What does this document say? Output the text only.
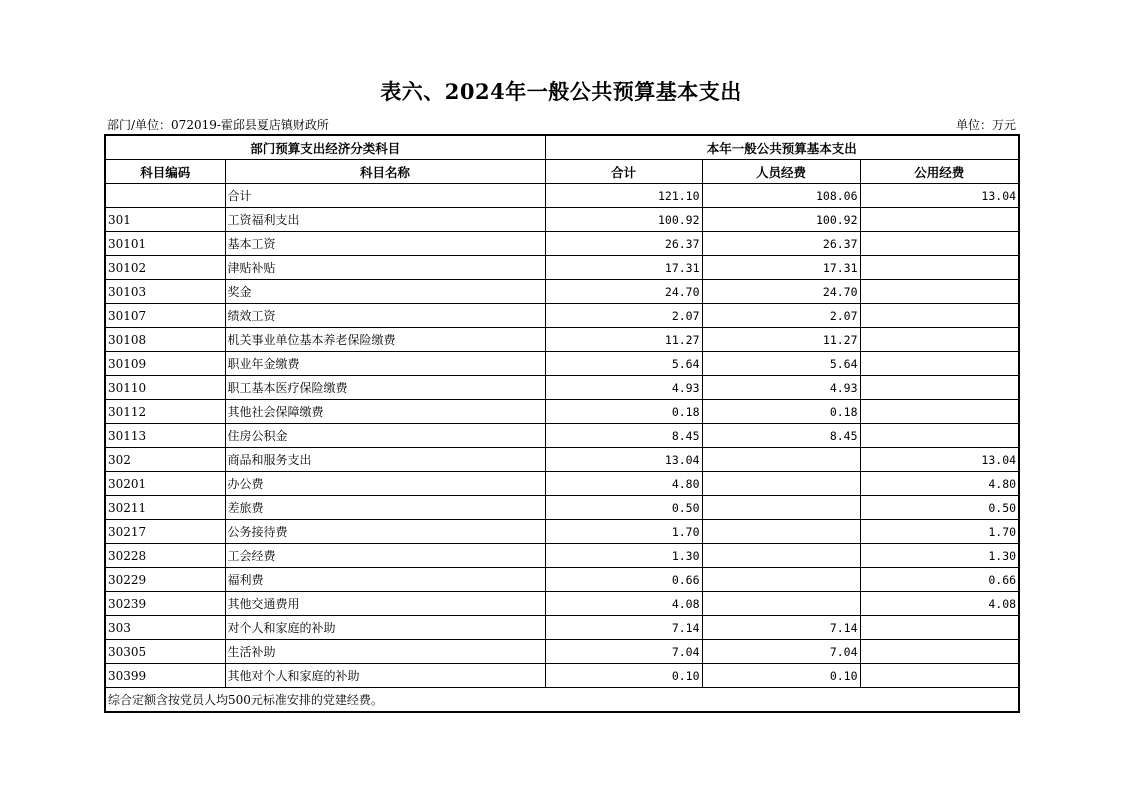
表六、2024年一般公共预算基本支出
部门/单位：072019-霍邱县夏店镇财政所	单位：万元
部门预算支出经济分类科目		本年一般公共预算基本支出		
科目编码	科目名称	合计	人员经费	公用经费
	合计	121.10	108.06	13.04
301	工资福利支出	100.92	100.92	
30101	基本工资	26.37	26.37	
30102	津贴补贴	17.31	17.31	
30103	奖金	24.70	24.70	
30107	绩效工资	2.07	2.07	
30108	机关事业单位基本养老保险缴费	11.27	11.27	
30109	职业年金缴费	5.64	5.64	
30110	职工基本医疗保险缴费	4.93	4.93	
30112	其他社会保障缴费	0.18	0.18	
30113	住房公积金	8.45	8.45	
302	商品和服务支出	13.04		13.04
30201	办公费	4.80		4.80
30211	差旅费	0.50		0.50
30217	公务接待费	1.70		1.70
30228	工会经费	1.30		1.30
30229	福利费	0.66		0.66
30239	其他交通费用	4.08		4.08
303	对个人和家庭的补助	7.14	7.14	
30305	生活补助	7.04	7.04	
30399	其他对个人和家庭的补助	0.10	0.10	
综合定额含按党员人均500元标准安排的党建经费。				
